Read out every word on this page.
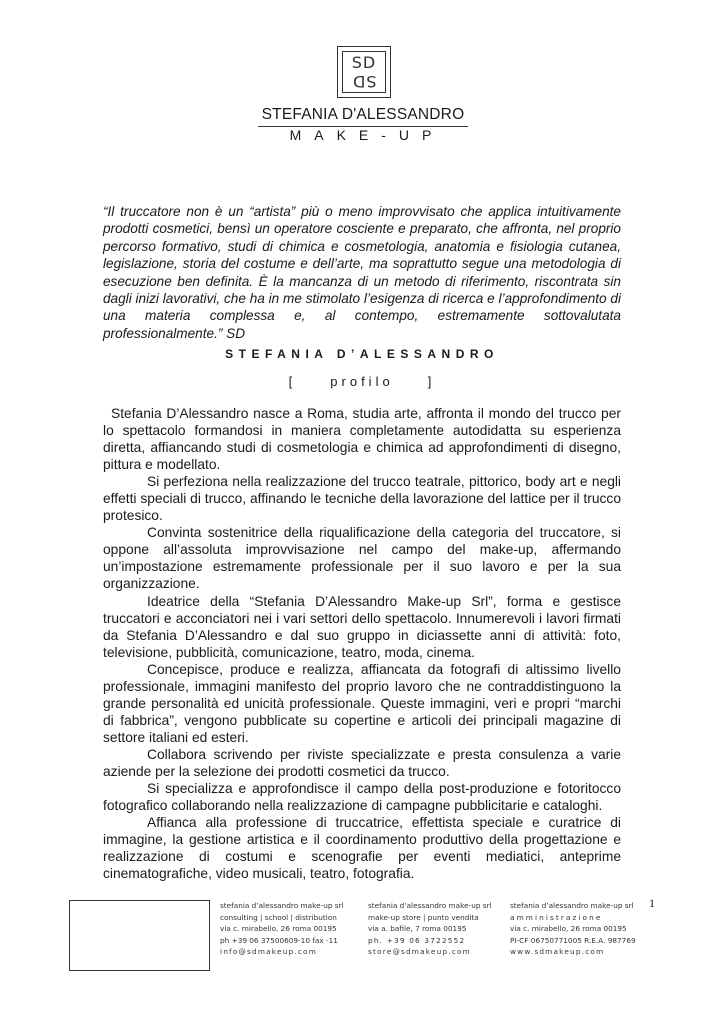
SD
SD
STEFANIA D'ALESSANDRO
MAKE-UP
“Il truccatore non è un “artista” più o meno improvvisato che applica intuitivamente prodotti cosmetici, bensì un operatore cosciente e preparato, che affronta, nel proprio percorso formativo, studi di chimica e cosmetologia, anatomia e fisiologia cutanea, legislazione, storia del costume e dell’arte, ma soprattutto segue una metodologia di esecuzione ben definita. È la mancanza di un metodo di riferimento, riscontrata sin dagli inizi lavorativi, che ha in me stimolato l’esigenza di ricerca e l’approfondimento di una materia complessa e, al contempo, estremamente sottovalutata professionalmente.” SD
STEFANIA D’ALESSANDRO
[	profilo	]

Stefania D’Alessandro nasce a Roma, studia arte, affronta il mondo del trucco per lo spettacolo formandosi in maniera completamente autodidatta su esperienza diretta, affiancando studi di cosmetologia e chimica ad approfondimenti di disegno, pittura e modellato.

Si perfeziona nella realizzazione del trucco teatrale, pittorico, body art e negli effetti speciali di trucco, affinando le tecniche della lavorazione del lattice per il trucco protesico.

Convinta sostenitrice della riqualificazione della categoria del truccatore, si oppone all’assoluta improvvisazione nel campo del make-up, affermando un’impostazione estremamente professionale per il suo lavoro e per la sua organizzazione.

Ideatrice della “Stefania D’Alessandro Make-up Srl”, forma e gestisce truccatori e acconciatori nei i vari settori dello spettacolo. Innumerevoli i lavori firmati da Stefania D’Alessandro e dal suo gruppo in diciassette anni di attività: foto, televisione, pubblicità, comunicazione, teatro, moda, cinema.

Concepisce, produce e realizza, affiancata da fotografi di altissimo livello professionale, immagini manifesto del proprio lavoro che ne contraddistinguono la grande personalità ed unicità professionale. Queste immagini, veri e propri “marchi di fabbrica”, vengono pubblicate su copertine e articoli dei principali magazine di settore italiani ed esteri.

Collabora scrivendo per riviste specializzate e presta consulenza a varie aziende per la selezione dei prodotti cosmetici da trucco.

Si specializza e approfondisce il campo della post-produzione e fotoritocco fotografico collaborando nella realizzazione di campagne pubblicitarie e cataloghi.

Affianca alla professione di truccatrice, effettista speciale e curatrice di immagine, la gestione artistica e il coordinamento produttivo della progettazione e realizzazione di costumi e scenografie per eventi mediatici, anteprime cinematografiche, video musicali, teatro, fotografia.

1
stefania d’alessandro make-up srl
consulting | school | distribution
via c. mirabello, 26 roma 00195
ph +39 06 37500609-10 fax -11
info@sdmakeup.com
stefania d’alessandro make-up srl
make-up store | punto vendita
via a. bafile, 7 roma 00195
ph. +39 06 3722552
store@sdmakeup.com
stefania d’alessandro make-up srl
amministrazione
via c. mirabello, 26 roma 00195
PI-CF 06750771005 R.E.A. 987769
www.sdmakeup.com
